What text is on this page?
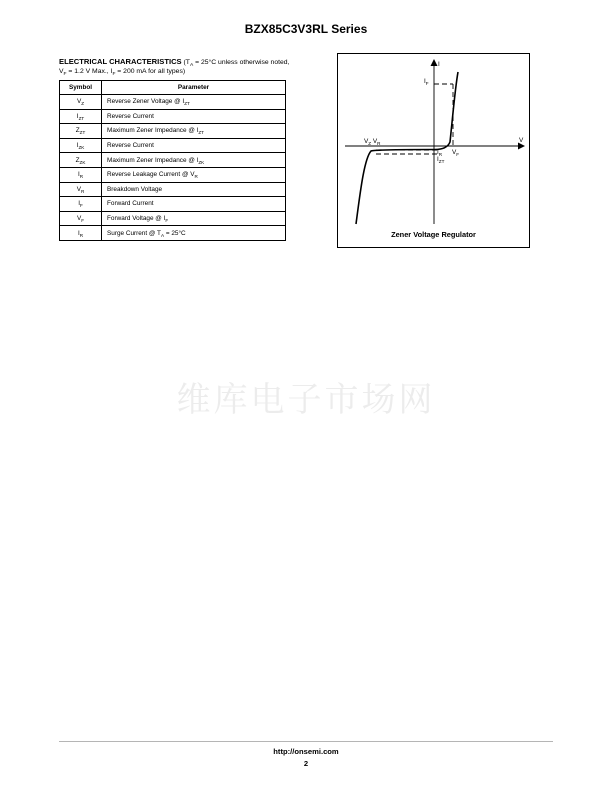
BZX85C3V3RL Series
ELECTRICAL CHARACTERISTICS ($T_A = 25^\circ C$ unless otherwise noted, $V_F = 1.2$ V Max., $I_F = 200$ mA for all types)
Symbol	Parameter
$V_Z$	Reverse Zener Voltage @ $I_{ZT}$
$I_{ZT}$	Reverse Current
$Z_{ZT}$	Maximum Zener Impedance @ $I_{ZT}$
$I_{ZK}$	Reverse Current
$Z_{ZK}$	Maximum Zener Impedance @ $I_{ZK}$
$I_R$	Reverse Leakage Current @ $V_R$
$V_R$	Breakdown Voltage
$I_F$	Forward Current
$V_F$	Forward Voltage @ $I_F$
$I_R$	Surge Current @ $T_A = 25^\circ C$
I
V
$I_F$
$V_Z$ $V_R$
$I_R$
$I_{ZT}$
$V_F$
Zener Voltage Regulator
维库电子市场网
http://onsemi.com
2
